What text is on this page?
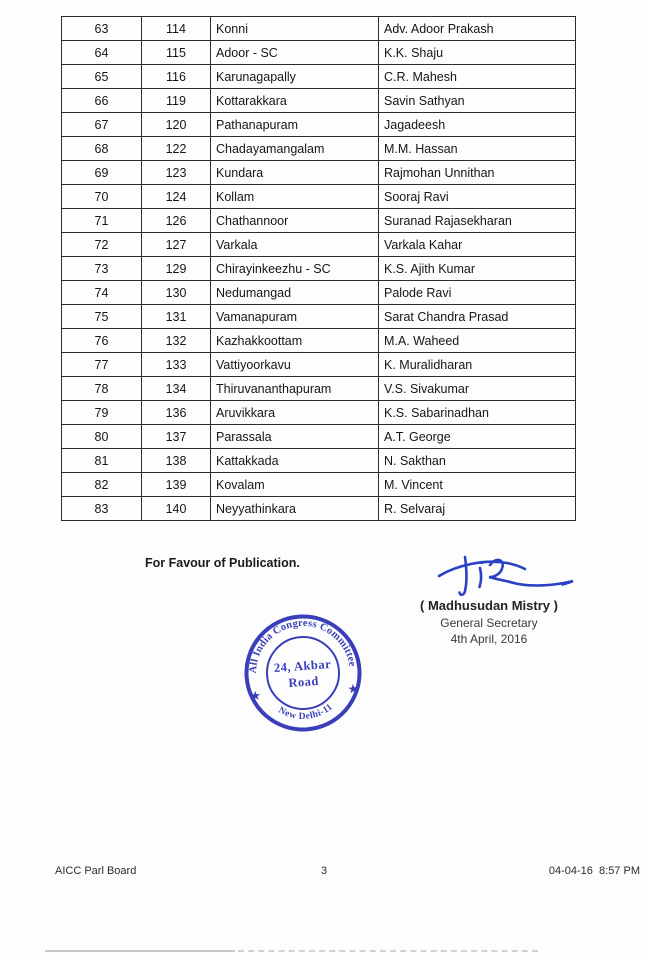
63	114	Konni	Adv. Adoor Prakash
64	115	Adoor - SC	K.K. Shaju
65	116	Karunagapally	C.R. Mahesh
66	119	Kottarakkara	Savin Sathyan
67	120	Pathanapuram	Jagadeesh
68	122	Chadayamangalam	M.M. Hassan
69	123	Kundara	Rajmohan Unnithan
70	124	Kollam	Sooraj Ravi
71	126	Chathannoor	Suranad Rajasekharan
72	127	Varkala	Varkala Kahar
73	129	Chirayinkeezhu - SC	K.S. Ajith Kumar
74	130	Nedumangad	Palode Ravi
75	131	Vamanapuram	Sarat Chandra Prasad
76	132	Kazhakkoottam	M.A. Waheed
77	133	Vattiyoorkavu	K. Muralidharan
78	134	Thiruvananthapuram	V.S. Sivakumar
79	136	Aruvikkara	K.S. Sabarinadhan
80	137	Parassala	A.T. George
81	138	Kattakkada	N. Sakthan
82	139	Kovalam	M. Vincent
83	140	Neyyathinkara	R. Selvaraj
For Favour of Publication.
( Madhusudan Mistry )
General Secretary
4th April, 2016
All India Congress Committee
New Delhi-11
★
★
24, Akbar
Road
AICC Parl Board	3	04-04-16  8:57 PM
